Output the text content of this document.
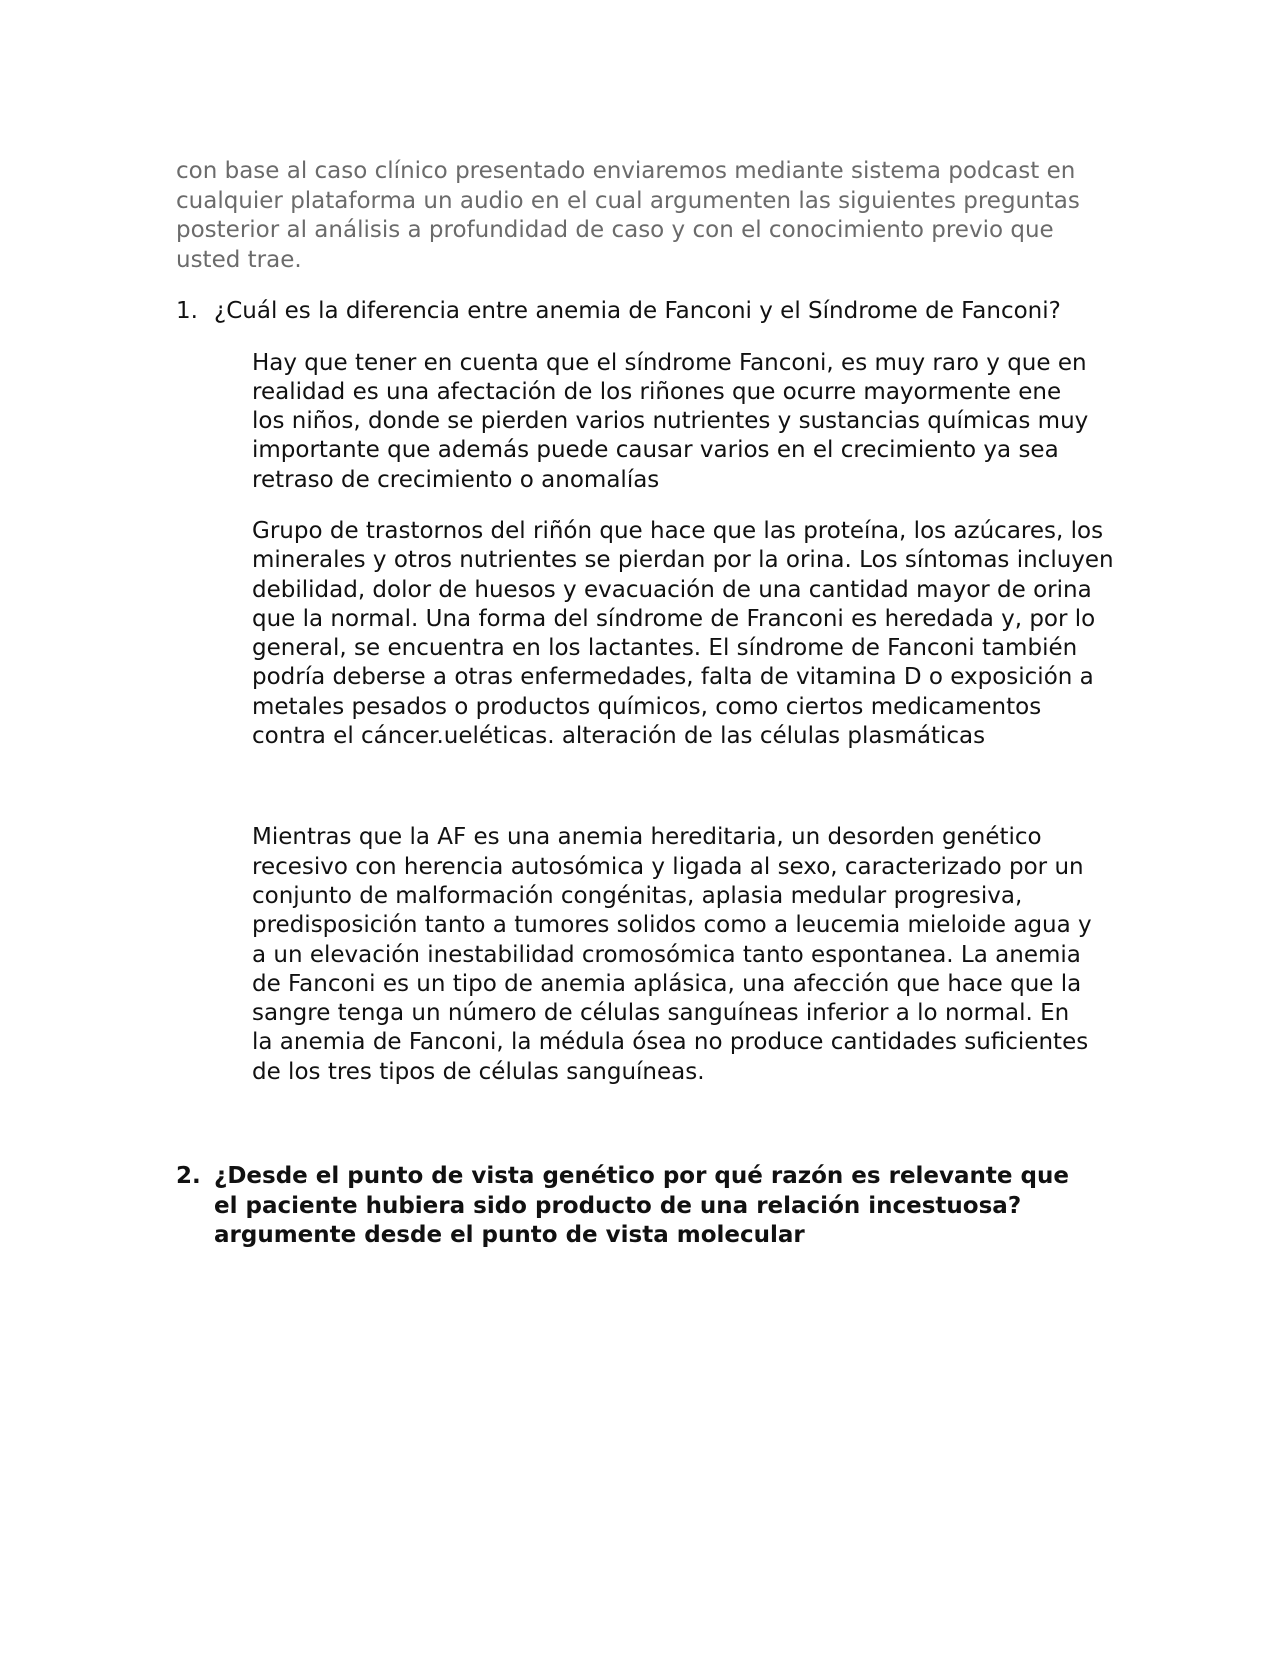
con base al caso clínico presentado enviaremos mediante sistema podcast en cualquier plataforma un audio en el cual argumenten las siguientes preguntas posterior al análisis a profundidad de caso y con el conocimiento previo que usted trae.

1. ¿Cuál es la diferencia entre anemia de Fanconi y el Síndrome de Fanconi?

Hay que tener en cuenta que el síndrome Fanconi, es muy raro y que en realidad es una afectación de los riñones que ocurre mayormente ene los niños, donde se pierden varios nutrientes y sustancias químicas muy importante que además puede causar varios en el crecimiento ya sea retraso de crecimiento o anomalías

Grupo de trastornos del riñón que hace que las proteína, los azúcares, los minerales y otros nutrientes se pierdan por la orina. Los síntomas incluyen debilidad, dolor de huesos y evacuación de una cantidad mayor de orina que la normal. Una forma del síndrome de Franconi es heredada y, por lo general, se encuentra en los lactantes. El síndrome de Fanconi también podría deberse a otras enfermedades, falta de vitamina D o exposición a metales pesados o productos químicos, como ciertos medicamentos contra el cáncer.ueléticas. alteración de las células plasmáticas

Mientras que la AF es una anemia hereditaria, un desorden genético recesivo con herencia autosómica y ligada al sexo, caracterizado por un conjunto de malformación congénitas, aplasia medular progresiva, predisposición tanto a tumores solidos como a leucemia mieloide agua y a un elevación inestabilidad cromosómica tanto espontanea. La anemia de Fanconi es un tipo de anemia aplásica, una afección que hace que la sangre tenga un número de células sanguíneas inferior a lo normal. En la anemia de Fanconi, la médula ósea no produce cantidades suficientes de los tres tipos de células sanguíneas.

2. ¿Desde el punto de vista genético por qué razón es relevante que el paciente hubiera sido producto de una relación incestuosa? argumente desde el punto de vista molecular
